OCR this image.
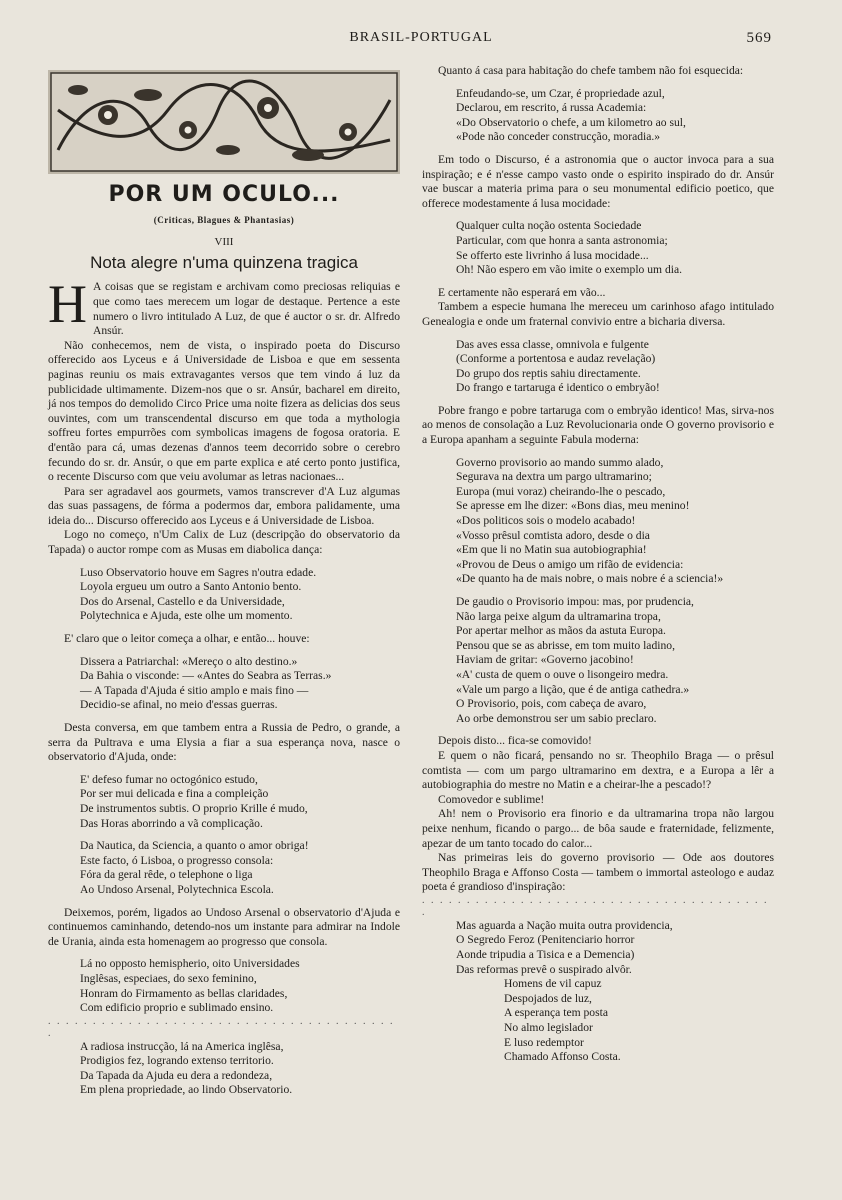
BRASIL-PORTUGAL	569
POR UM OCULO...
(Criticas, Blagues & Phantasias)
VIII
Nota alegre n'uma quinzena tragica
H A coisas que se registam e archivam como preciosas reliquias e que como taes merecem um logar de destaque. Pertence a este numero o livro intitulado A Luz, de que é auctor o sr. dr. Alfredo Ansúr.

Não conhecemos, nem de vista, o inspirado poeta do Discurso offerecido aos Lyceus e á Universidade de Lisboa e que em sessenta paginas reuniu os mais extravagantes versos que tem vindo á luz da publicidade ultimamente. Dizem-nos que o sr. Ansúr, bacharel em direito, já nos tempos do demolido Circo Price uma noite fizera as delicias dos seus ouvintes, com um transcendental discurso em que toda a mythologia soffreu fortes empurrões com symbolicas imagens de fogosa oratoria. E d'então para cá, umas dezenas d'annos teem decorrido sobre o cerebro fecundo do sr. dr. Ansúr, o que em parte explica e até certo ponto justifica, o recente Discurso com que veiu avolumar as letras nacionaes...

Para ser agradavel aos gourmets, vamos transcrever d'A Luz algumas das suas passagens, de fórma a podermos dar, embora palidamente, uma ideia do... Discurso offerecido aos Lyceus e á Universidade de Lisboa.

Logo no começo, n'Um Calix de Luz (descripção do observatorio da Tapada) o auctor rompe com as Musas em diabolica dança:

Luso Observatorio houve em Sagres n'outra edade.
Loyola ergueu um outro a Santo Antonio bento.
Dos do Arsenal, Castello e da Universidade,
Polytechnica e Ajuda, este olhe um momento.

E' claro que o leitor começa a olhar, e então... houve:

Dissera a Patriarchal: «Mereço o alto destino.»
Da Bahia o visconde: — «Antes do Seabra as Terras.»
— A Tapada d'Ajuda é sitio amplo e mais fino —
Decidio-se afinal, no meio d'essas guerras.

Desta conversa, em que tambem entra a Russia de Pedro, o grande, a serra da Pultrava e uma Elysia a fiar a sua esperança nova, nasce o observatorio d'Ajuda, onde:

E' defeso fumar no octogónico estudo,
Por ser mui delicada e fina a compleição
De instrumentos subtis. O proprio Krille é mudo,
Das Horas aborrindo a vã complicação.
Da Nautica, da Sciencia, a quanto o amor obriga!
Este facto, ó Lisboa, o progresso consola:
Fóra da geral rêde, o telephone o liga
Ao Undoso Arsenal, Polytechnica Escola.

Deixemos, porém, ligados ao Undoso Arsenal o observatorio d'Ajuda e continuemos caminhando, detendo-nos um instante para admirar na Indole de Urania, ainda esta homenagem ao progresso que consola.

Lá no opposto hemispherio, oito Universidades
Inglêsas, especiaes, do sexo feminino,
Honram do Firmamento as bellas claridades,
Com edificio proprio e sublimado ensino.
. . . . . . . . . . . . . . . . . . . . . . . . . . . . . . . . . . . . . . . .
A radiosa instrucção, lá na America inglêsa,
Prodigios fez, logrando extenso territorio.
Da Tapada da Ajuda eu dera a redondeza,
Em plena propriedade, ao lindo Observatorio.

Quanto á casa para habitação do chefe tambem não foi esquecida:

Enfeudando-se, um Czar, é propriedade azul,
Declarou, em rescrito, á russa Academia:
«Do Observatorio o chefe, a um kilometro ao sul,
«Pode não conceder construcção, moradia.»

Em todo o Discurso, é a astronomia que o auctor invoca para a sua inspiração; e é n'esse campo vasto onde o espirito inspirado do dr. Ansúr vae buscar a materia prima para o seu monumental edificio poetico, que offerece modestamente á lusa mocidade:

Qualquer culta noção ostenta Sociedade
Particular, com que honra a santa astronomia;
Se offerto este livrinho á lusa mocidade...
Oh! Não espero em vão imite o exemplo um dia.

E certamente não esperará em vão...

Tambem a especie humana lhe mereceu um carinhoso afago intitulado Genealogia e onde um fraternal convivio entre a bicharia diversa.

Das aves essa classe, omnivola e fulgente
(Conforme a portentosa e audaz revelação)
Do grupo dos reptis sahiu directamente.
Do frango e tartaruga é identico o embryão!

Pobre frango e pobre tartaruga com o embryão identico! Mas, sirva-nos ao menos de consolação a Luz Revolucionaria onde O governo provisorio e a Europa apanham a seguinte Fabula moderna:

Governo provisorio ao mando summo alado,
Segurava na dextra um pargo ultramarino;
Europa (mui voraz) cheirando-lhe o pescado,
Se apresse em lhe dizer: «Bons dias, meu menino!
«Dos politicos sois o modelo acabado!
«Vosso prêsul comtista adoro, desde o dia
«Em que li no Matin sua autobiographia!
«Provou de Deus o amigo um rifão de evidencia:
«De quanto ha de mais nobre, o mais nobre é a sciencia!»
De gaudio o Provisorio impou: mas, por prudencia,
Não larga peixe algum da ultramarina tropa,
Por apertar melhor as mãos da astuta Europa.
Pensou que se as abrisse, em tom muito ladino,
Haviam de gritar: «Governo jacobino!
«A' custa de quem o ouve o lisongeiro medra.
«Vale um pargo a lição, que é de antiga cathedra.»
O Provisorio, pois, com cabeça de avaro,
Ao orbe demonstrou ser um sabio preclaro.

Depois disto... fica-se comovido!

E quem o não ficará, pensando no sr. Theophilo Braga — o prêsul comtista — com um pargo ultramarino em dextra, e a Europa a lêr a autobiographia do mestre no Matin e a cheirar-lhe a pescado!?

Comovedor e sublime!

Ah! nem o Provisorio era finorio e da ultramarina tropa não largou peixe nenhum, ficando o pargo... de bôa saude e fraternidade, felizmente, apezar de um tanto tocado do calor...

Nas primeiras leis do governo provisorio — Ode aos doutores Theophilo Braga e Affonso Costa — tambem o immortal asteologo e audaz poeta é grandioso d'inspiração:

. . . . . . . . . . . . . . . . . . . . . . . . . . . . . . . . . . . . . . . .
Mas aguarda a Nação muita outra providencia,
O Segredo Feroz (Penitenciario horror
Aonde tripudia a Tisica e a Demencia)
Das reformas prevê o suspirado alvôr.
Homens de vil capuz
Despojados de luz,
A esperança tem posta
No almo legislador
E luso redemptor
Chamado Affonso Costa.
